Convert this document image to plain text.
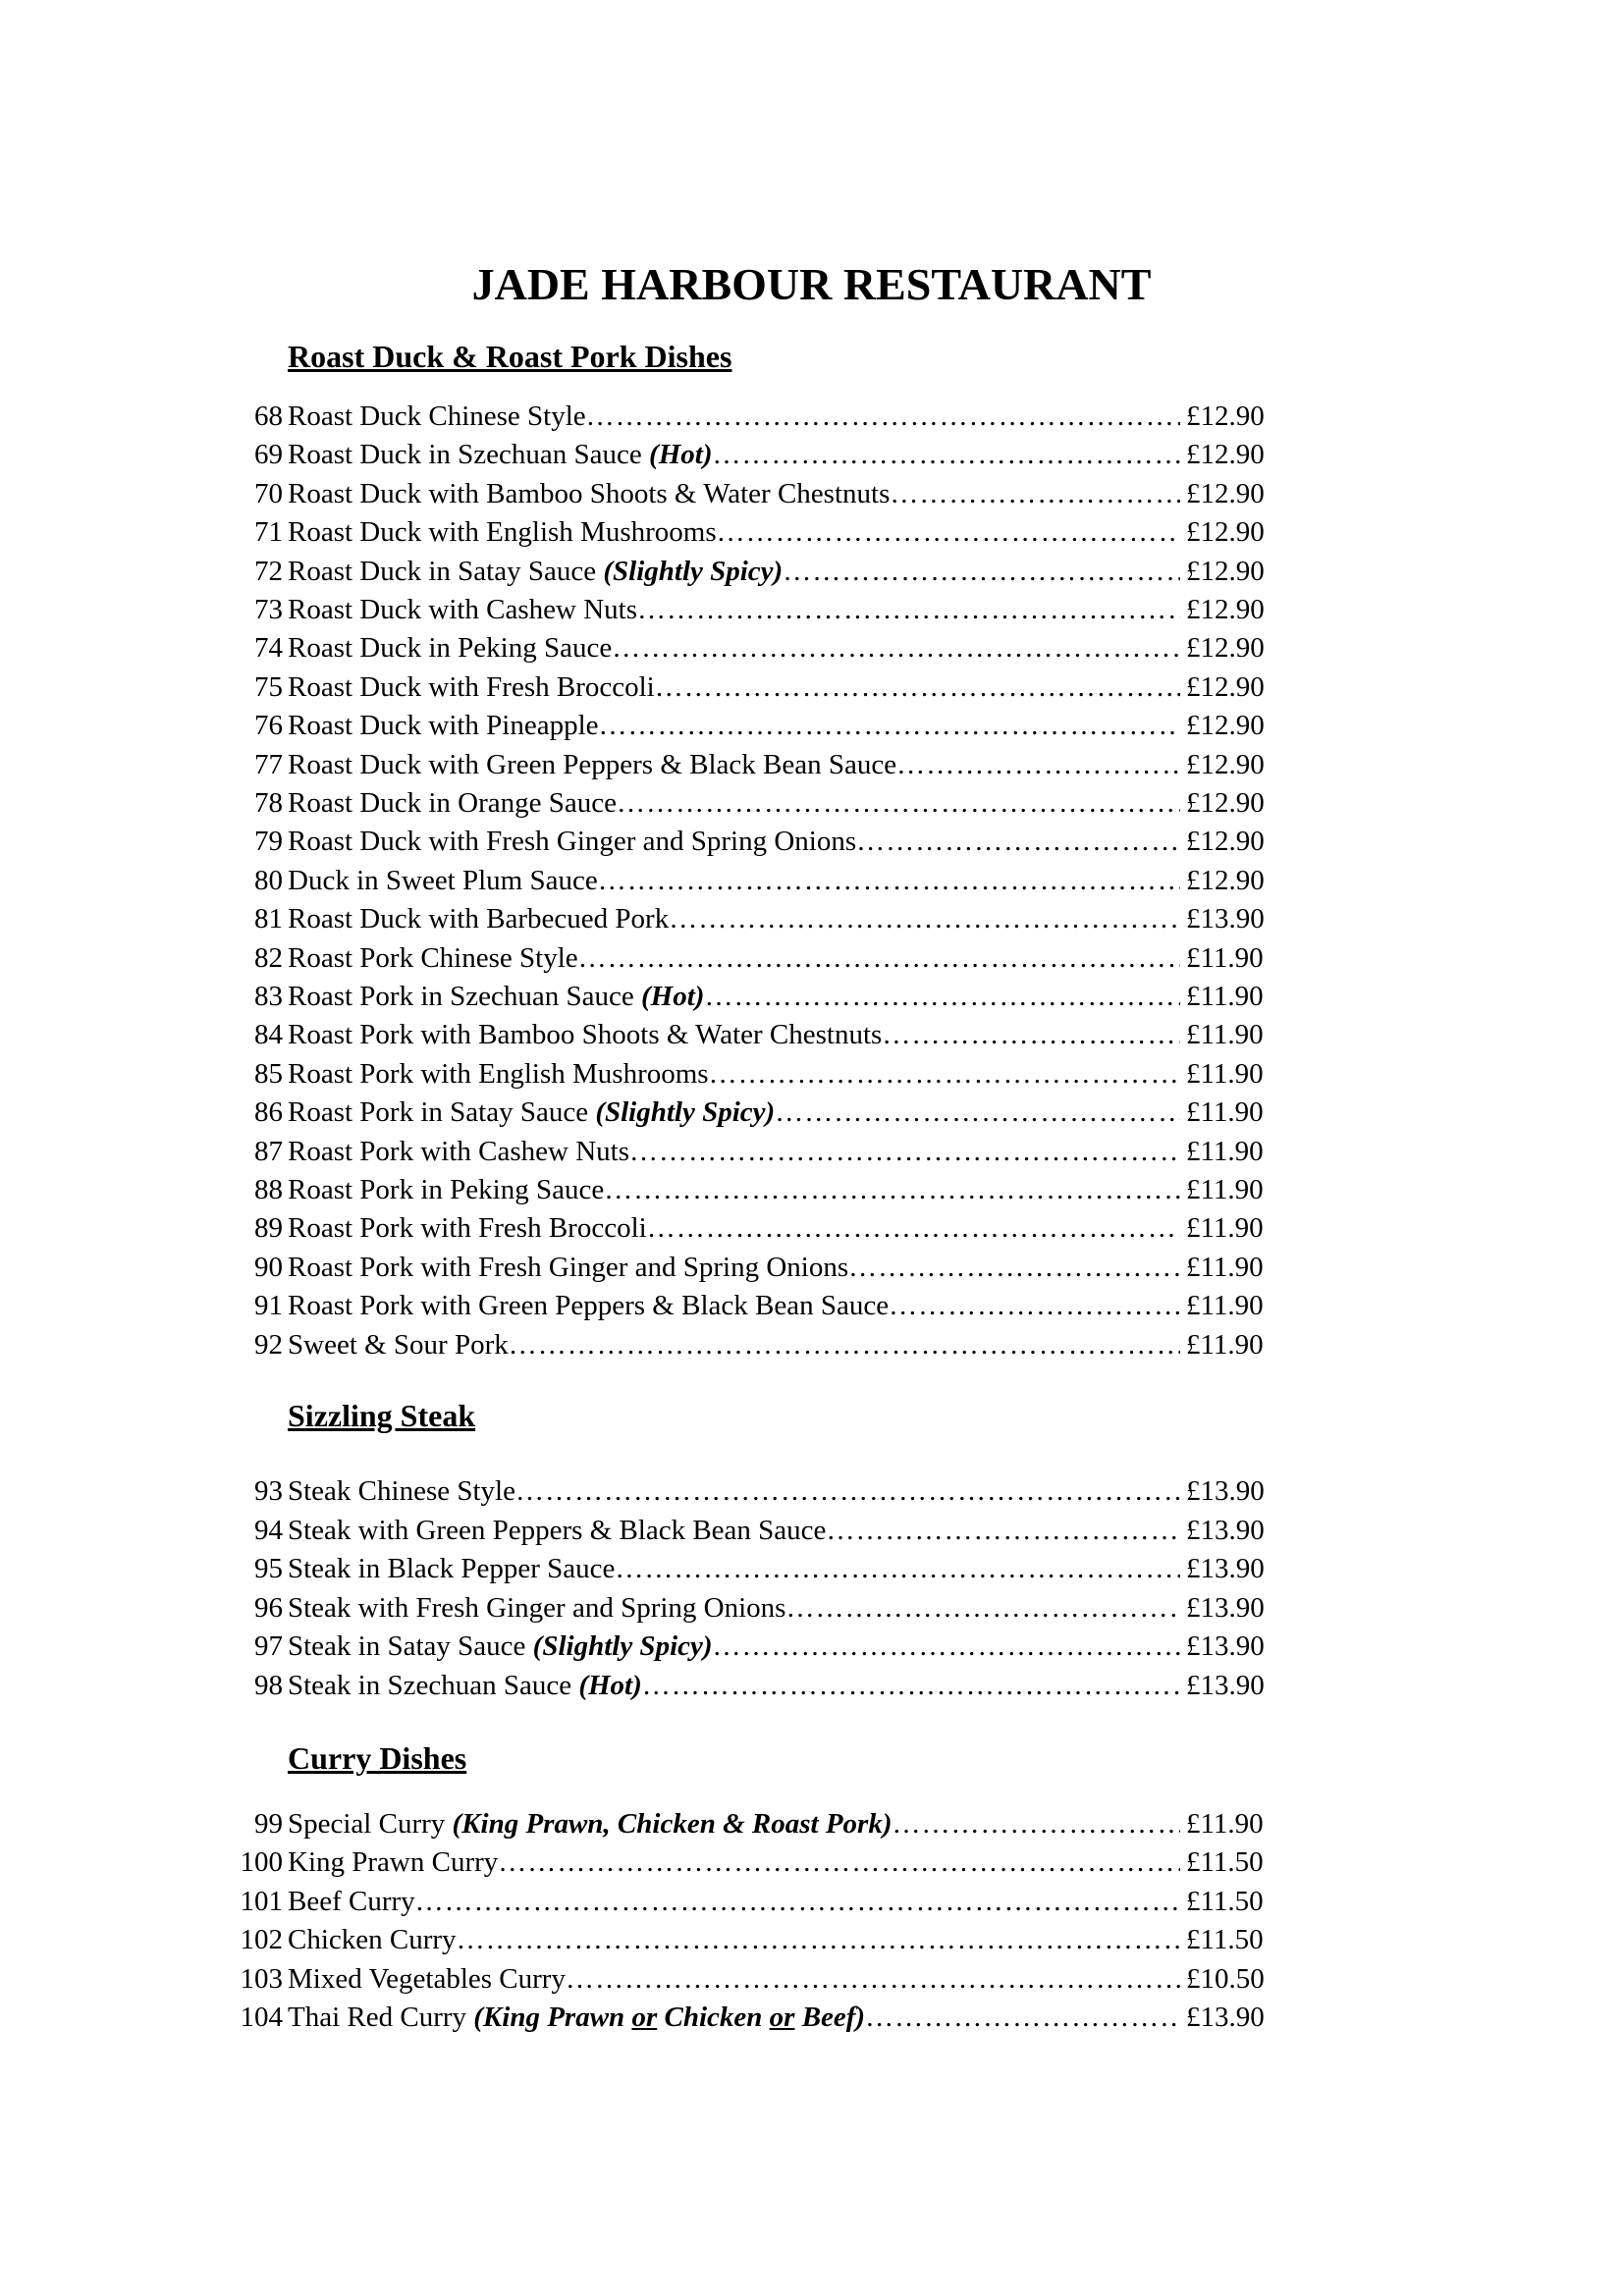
JADE HARBOUR RESTAURANT
Roast Duck & Roast Pork Dishes
68 Roast Duck Chinese Style ……………………………………………………………………………………………………………………………………	£12.90
69 Roast Duck in Szechuan Sauce (Hot) ……………………………………………………………………………………………………………………………………	£12.90
70 Roast Duck with Bamboo Shoots & Water Chestnuts ……………………………………………………………………………………………………………………………………	£12.90
71 Roast Duck with English Mushrooms ……………………………………………………………………………………………………………………………………	£12.90
72 Roast Duck in Satay Sauce (Slightly Spicy) ……………………………………………………………………………………………………………………………………	£12.90
73 Roast Duck with Cashew Nuts ……………………………………………………………………………………………………………………………………	£12.90
74 Roast Duck in Peking Sauce ……………………………………………………………………………………………………………………………………	£12.90
75 Roast Duck with Fresh Broccoli ……………………………………………………………………………………………………………………………………	£12.90
76 Roast Duck with Pineapple ……………………………………………………………………………………………………………………………………	£12.90
77 Roast Duck with Green Peppers & Black Bean Sauce ……………………………………………………………………………………………………………………………………	£12.90
78 Roast Duck in Orange Sauce ……………………………………………………………………………………………………………………………………	£12.90
79 Roast Duck with Fresh Ginger and Spring Onions ……………………………………………………………………………………………………………………………………	£12.90
80 Duck in Sweet Plum Sauce ……………………………………………………………………………………………………………………………………	£12.90
81 Roast Duck with Barbecued Pork ……………………………………………………………………………………………………………………………………	£13.90
82 Roast Pork Chinese Style ……………………………………………………………………………………………………………………………………	£11.90
83 Roast Pork in Szechuan Sauce (Hot) ……………………………………………………………………………………………………………………………………	£11.90
84 Roast Pork with Bamboo Shoots & Water Chestnuts ……………………………………………………………………………………………………………………………………	£11.90
85 Roast Pork with English Mushrooms ……………………………………………………………………………………………………………………………………	£11.90
86 Roast Pork in Satay Sauce (Slightly Spicy) ……………………………………………………………………………………………………………………………………	£11.90
87 Roast Pork with Cashew Nuts ……………………………………………………………………………………………………………………………………	£11.90
88 Roast Pork in Peking Sauce ……………………………………………………………………………………………………………………………………	£11.90
89 Roast Pork with Fresh Broccoli ……………………………………………………………………………………………………………………………………	£11.90
90 Roast Pork with Fresh Ginger and Spring Onions ……………………………………………………………………………………………………………………………………	£11.90
91 Roast Pork with Green Peppers & Black Bean Sauce ……………………………………………………………………………………………………………………………………	£11.90
92 Sweet & Sour Pork ……………………………………………………………………………………………………………………………………	£11.90
Sizzling Steak
93 Steak Chinese Style ……………………………………………………………………………………………………………………………………	£13.90
94 Steak with Green Peppers & Black Bean Sauce ……………………………………………………………………………………………………………………………………	£13.90
95 Steak in Black Pepper Sauce ……………………………………………………………………………………………………………………………………	£13.90
96 Steak with Fresh Ginger and Spring Onions ……………………………………………………………………………………………………………………………………	£13.90
97 Steak in Satay Sauce (Slightly Spicy) ……………………………………………………………………………………………………………………………………	£13.90
98 Steak in Szechuan Sauce (Hot) ……………………………………………………………………………………………………………………………………	£13.90
Curry Dishes
99 Special Curry (King Prawn, Chicken & Roast Pork) ……………………………………………………………………………………………………………………………………	£11.90
100 King Prawn Curry ……………………………………………………………………………………………………………………………………	£11.50
101 Beef Curry ……………………………………………………………………………………………………………………………………	£11.50
102 Chicken Curry ……………………………………………………………………………………………………………………………………	£11.50
103 Mixed Vegetables Curry ……………………………………………………………………………………………………………………………………	£10.50
104 Thai Red Curry (King Prawn or Chicken or Beef) ……………………………………………………………………………………………………………………………………	£13.90
